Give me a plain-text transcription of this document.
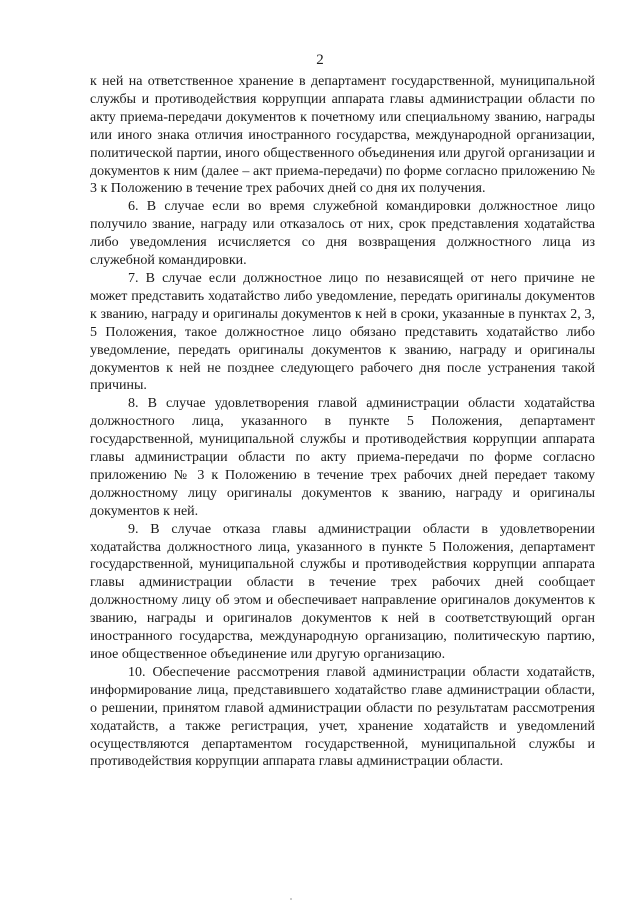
2

к ней на ответственное хранение в департамент государственной, муниципальной службы и противодействия коррупции аппарата главы администрации области по акту приема-передачи документов к почетному или специальному званию, награды или иного знака отличия иностранного государства, международной организации, политической партии, иного общественного объединения или другой организации и документов к ним (далее – акт приема-передачи) по форме согласно приложению № 3 к Положению в течение трех рабочих дней со дня их получения.

6. В случае если во время служебной командировки должностное лицо получило звание, награду или отказалось от них, срок представления ходатайства либо уведомления исчисляется со дня возвращения должностного лица из служебной командировки.

7. В случае если должностное лицо по независящей от него причине не может представить ходатайство либо уведомление, передать оригиналы документов к званию, награду и оригиналы документов к ней в сроки, указанные в пунктах 2, 3, 5 Положения, такое должностное лицо обязано представить ходатайство либо уведомление, передать оригиналы документов к званию, награду и оригиналы документов к ней не позднее следующего рабочего дня после устранения такой причины.

8. В случае удовлетворения главой администрации области ходатайства должностного лица, указанного в пункте 5 Положения, департамент государственной, муниципальной службы и противодействия коррупции аппарата главы администрации области по акту приема-передачи по форме согласно приложению № 3 к Положению в течение трех рабочих дней передает такому должностному лицу оригиналы документов к званию, награду и оригиналы документов к ней.

9. В случае отказа главы администрации области в удовлетворении ходатайства должностного лица, указанного в пункте 5 Положения, департамент государственной, муниципальной службы и противодействия коррупции аппарата главы администрации области в течение трех рабочих дней сообщает должностному лицу об этом и обеспечивает направление оригиналов документов к званию, награды и оригиналов документов к ней в соответствующий орган иностранного государства, международную организацию, политическую партию, иное общественное объединение или другую организацию.

10. Обеспечение рассмотрения главой администрации области ходатайств, информирование лица, представившего ходатайство главе администрации области, о решении, принятом главой администрации области по результатам рассмотрения ходатайств, а также регистрация, учет, хранение ходатайств и уведомлений осуществляются департаментом государственной, муниципальной службы и противодействия коррупции аппарата главы администрации области.
